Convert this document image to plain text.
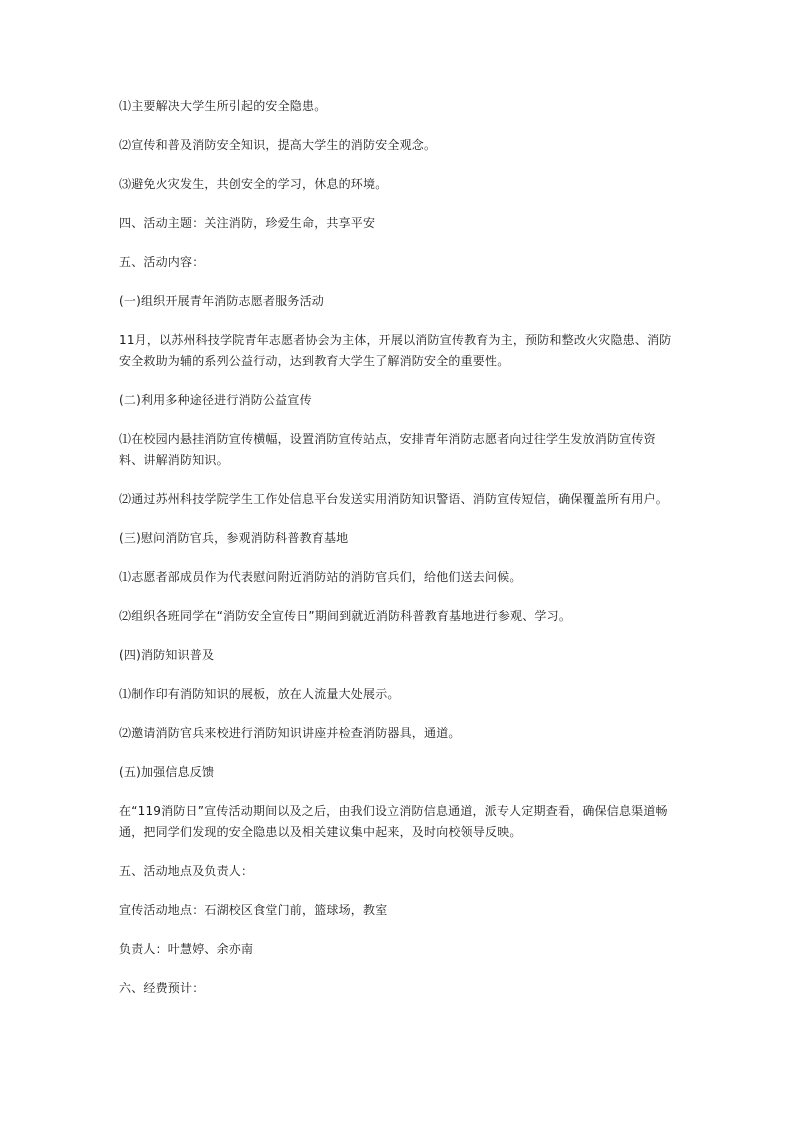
⑴主要解决大学生所引起的安全隐患。

⑵宣传和普及消防安全知识，提高大学生的消防安全观念。

⑶避免火灾发生，共创安全的学习，休息的环境。

四、活动主题：关注消防，珍爱生命，共享平安

五、活动内容：

(一)组织开展青年消防志愿者服务活动

11月，以苏州科技学院青年志愿者协会为主体，开展以消防宣传教育为主，预防和整改火灾隐患、消防安全救助为辅的系列公益行动，达到教育大学生了解消防安全的重要性。

(二)利用多种途径进行消防公益宣传

⑴在校园内悬挂消防宣传横幅，设置消防宣传站点，安排青年消防志愿者向过往学生发放消防宣传资料、讲解消防知识。

⑵通过苏州科技学院学生工作处信息平台发送实用消防知识警语、消防宣传短信，确保覆盖所有用户。

(三)慰问消防官兵，参观消防科普教育基地

⑴志愿者部成员作为代表慰问附近消防站的消防官兵们，给他们送去问候。

⑵组织各班同学在“消防安全宣传日”期间到就近消防科普教育基地进行参观、学习。

(四)消防知识普及

⑴制作印有消防知识的展板，放在人流量大处展示。

⑵邀请消防官兵来校进行消防知识讲座并检查消防器具，通道。

(五)加强信息反馈

在“119消防日”宣传活动期间以及之后，由我们设立消防信息通道，派专人定期查看，确保信息渠道畅通，把同学们发现的安全隐患以及相关建议集中起来，及时向校领导反映。

五、活动地点及负责人：

宣传活动地点：石湖校区食堂门前，篮球场，教室

负责人：叶慧婷、余亦南

六、经费预计：
